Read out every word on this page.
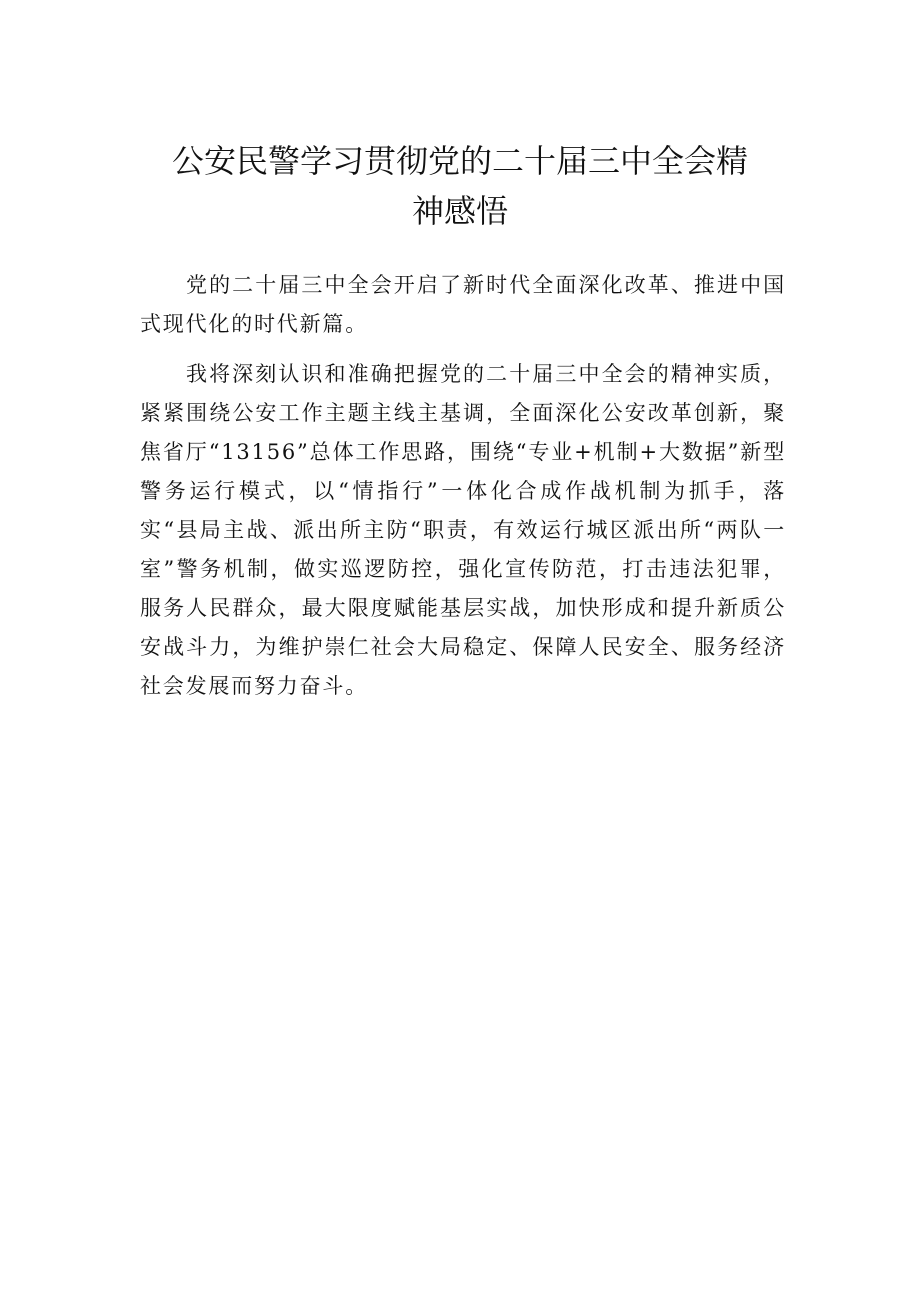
公安民警学习贯彻党的二十届三中全会精
神感悟

党的二十届三中全会开启了新时代全面深化改革、推进中国式现代化的时代新篇。

我将深刻认识和准确把握党的二十届三中全会的精神实质，紧紧围绕公安工作主题主线主基调，全面深化公安改革创新，聚焦省厅“13156”总体工作思路，围绕“专业+机制+大数据”新型警务运行模式，以“情指行”一体化合成作战机制为抓手，落实“县局主战、派出所主防“职责，有效运行城区派出所“两队一室”警务机制，做实巡逻防控，强化宣传防范，打击违法犯罪，服务人民群众，最大限度赋能基层实战，加快形成和提升新质公安战斗力，为维护崇仁社会大局稳定、保障人民安全、服务经济社会发展而努力奋斗。
